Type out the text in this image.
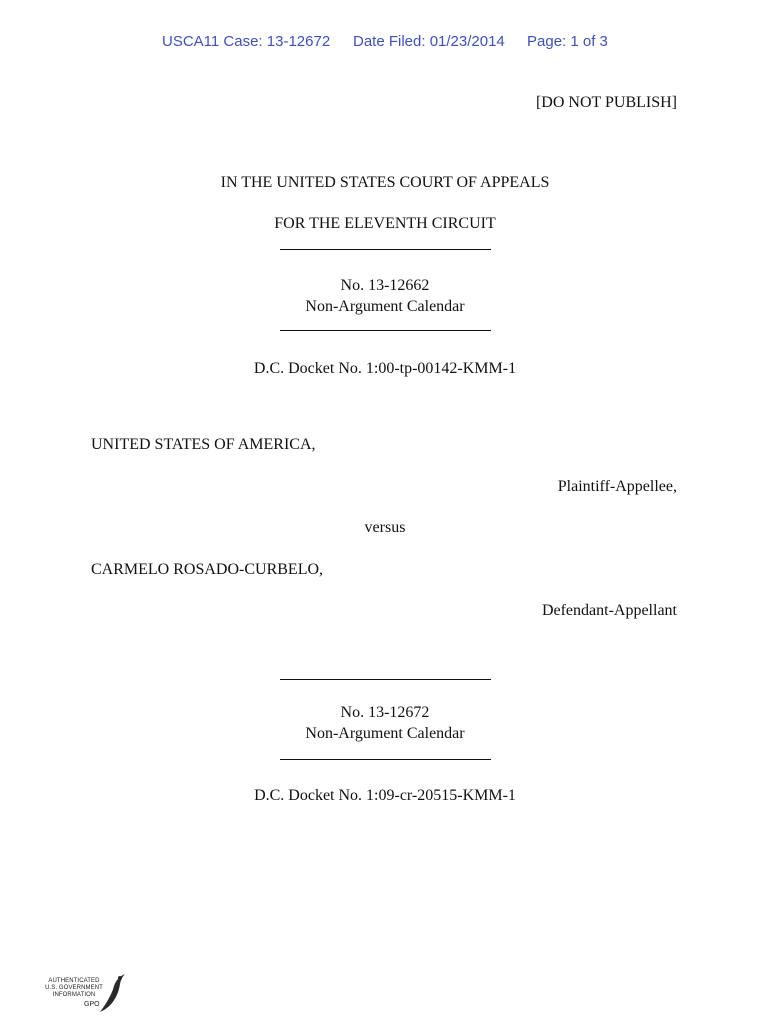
USCA11 Case: 13-12672 Date Filed: 01/23/2014 Page: 1 of 3
[DO NOT PUBLISH]
IN THE UNITED STATES COURT OF APPEALS
FOR THE ELEVENTH CIRCUIT
No. 13-12662
Non-Argument Calendar
D.C. Docket No. 1:00-tp-00142-KMM-1
UNITED STATES OF AMERICA,
Plaintiff-Appellee,
versus
CARMELO ROSADO-CURBELO,
Defendant-Appellant
No. 13-12672
Non-Argument Calendar
D.C. Docket No. 1:09-cr-20515-KMM-1
AUTHENTICATED U.S. GOVERNMENT INFORMATION
GPO
